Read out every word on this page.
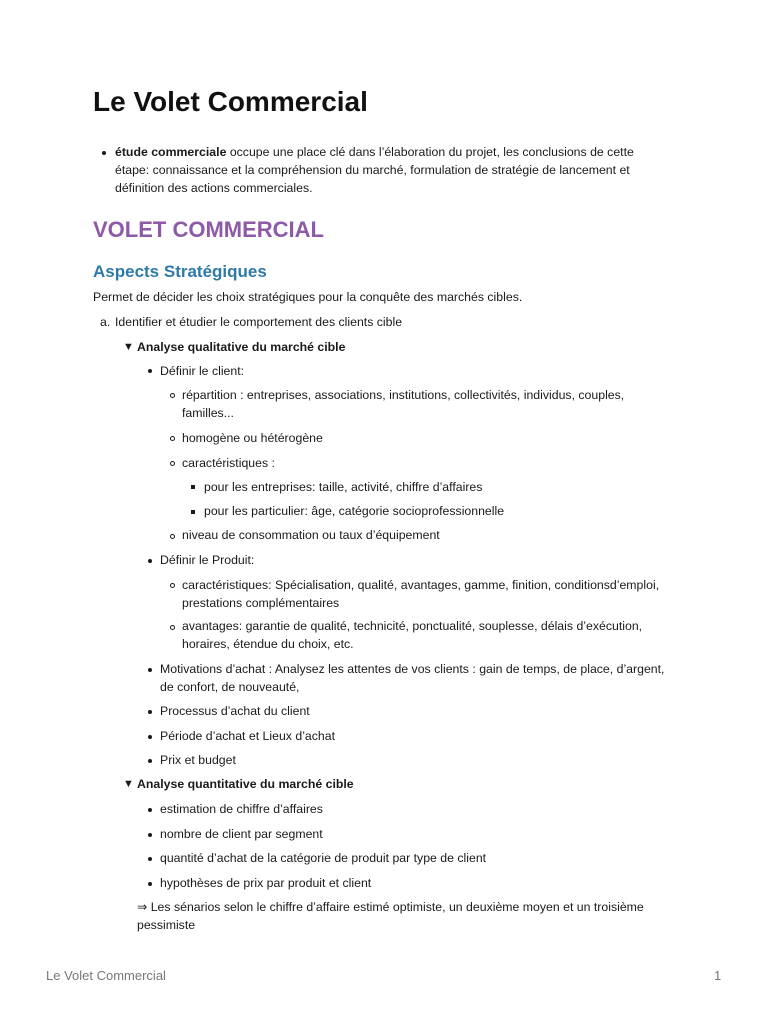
Le Volet Commercial
étude commerciale occupe une place clé dans l’élaboration du projet, les conclusions de cette étape: connaissance et la compréhension du marché, formulation de stratégie de lancement et définition des actions commerciales.
VOLET COMMERCIAL
Aspects Stratégiques
Permet de décider les choix stratégiques pour la conquête des marchés cibles.
a. Identifier et étudier le comportement des clients cible
▼ Analyse qualitative du marché cible
Définir le client:
répartition : entreprises, associations, institutions, collectivités, individus, couples, familles...
homogène ou hétérogène
caractéristiques :
pour les entreprises: taille, activité, chiffre d’affaires
pour les particulier: âge, catégorie socioprofessionnelle
niveau de consommation ou taux d’équipement
Définir le Produit:
caractéristiques: Spécialisation, qualité, avantages, gamme, finition, conditionsd’emploi, prestations complémentaires
avantages: garantie de qualité, technicité, ponctualité, souplesse, délais d’exécution, horaires, étendue du choix, etc.
Motivations d’achat : Analysez les attentes de vos clients : gain de temps, de place, d’argent, de confort, de nouveauté,
Processus d’achat du client
Période d’achat et Lieux d’achat
Prix et budget
▼ Analyse quantitative du marché cible
estimation de chiffre d’affaires
nombre de client par segment
quantité d’achat de la catégorie de produit par type de client
hypothèses de prix par produit et client
⇒ Les sénarios selon le chiffre d’affaire estimé optimiste, un deuxième moyen et un troisième pessimiste
Le Volet Commercial	1
